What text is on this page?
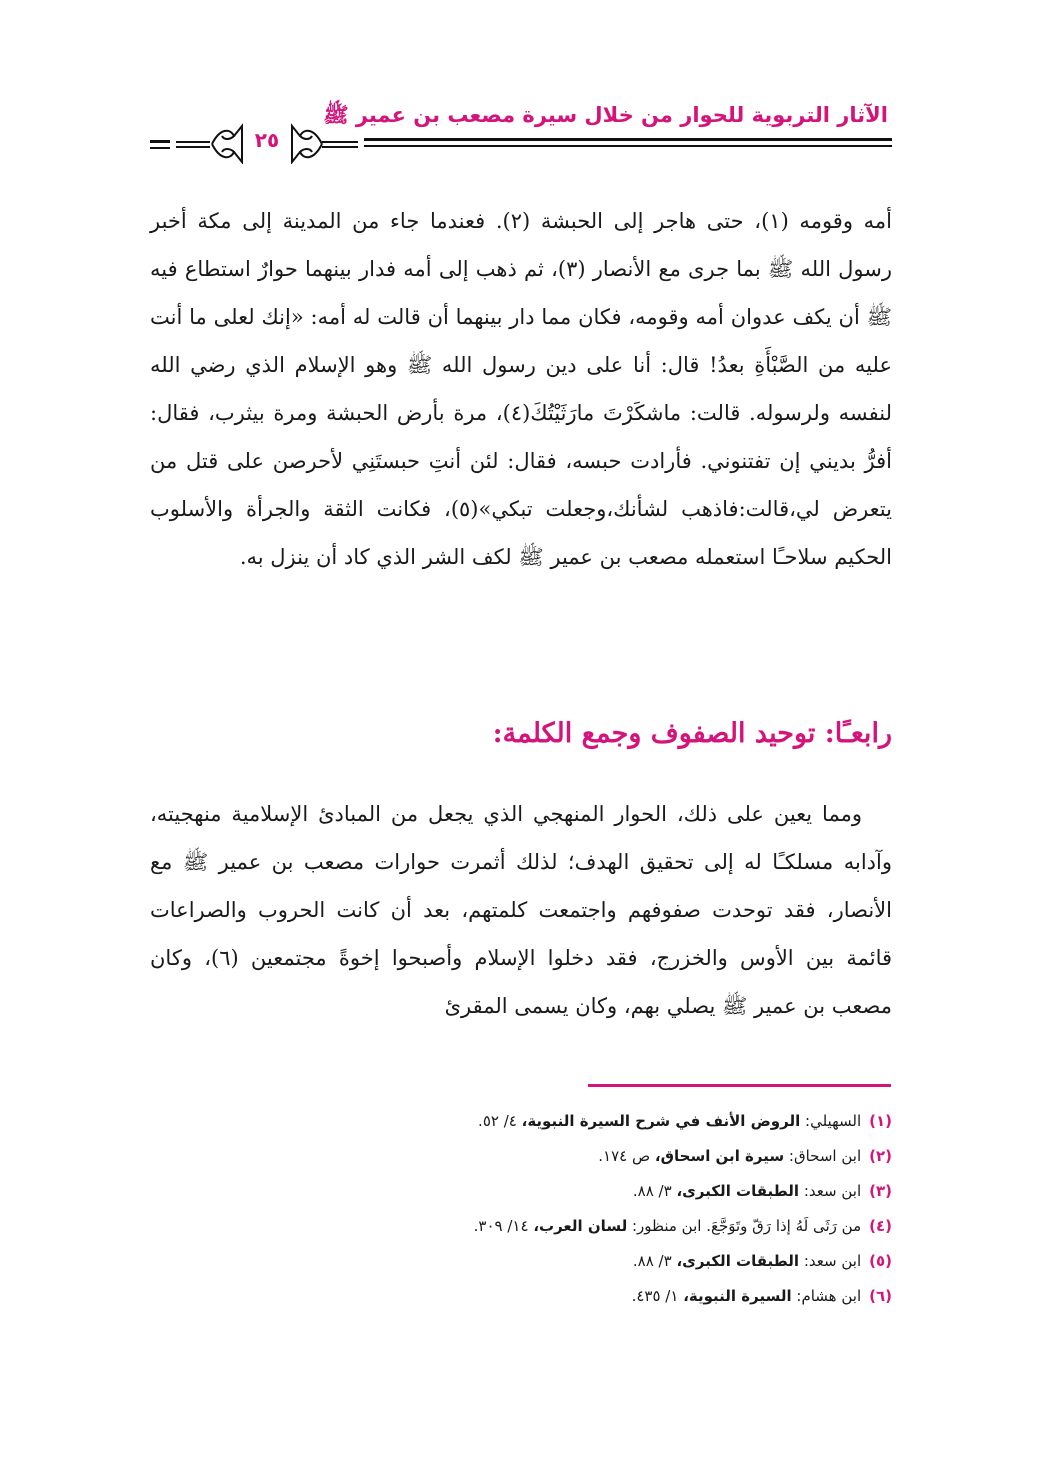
الآثار التربوية للحوار من خلال سيرة مصعب بن عمير ﷺ
٢٥

أمه وقومه (١)، حتى هاجر إلى الحبشة (٢). فعندما جاء من المدينة إلى مكة أخبر رسول الله ﷺ بما جرى مع الأنصار (٣)، ثم ذهب إلى أمه فدار بينهما حوارٌ استطاع فيه ﷺ أن يكف عدوان أمه وقومه، فكان مما دار بينهما أن قالت له أمه: «إنك لعلى ما أنت عليه من الصَّبْأَةِ بعدُ! قال: أنا على دين رسول الله ﷺ وهو الإسلام الذي رضي الله لنفسه ولرسوله. قالت: ماشكَرْتَ مارَثَيْتُكَ(٤)، مرة بأرض الحبشة ومرة بيثرب، فقال: أفرُّ بديني إن تفتنوني. فأرادت حبسه، فقال: لئن أنتِ حبستَنِي لأحرصن على قتل من يتعرض لي،قالت:فاذهب لشأنك،وجعلت تبكي»(٥)، فكانت الثقة والجرأة والأسلوب الحكيم سلاحـًا استعمله مصعب بن عمير ﷺ لكف الشر الذي كاد أن ينزل به.

رابعـًا: توحيد الصفوف وجمع الكلمة:

ومما يعين على ذلك، الحوار المنهجي الذي يجعل من المبادئ الإسلامية منهجيته، وآدابه مسلكـًا له إلى تحقيق الهدف؛ لذلك أثمرت حوارات مصعب بن عمير ﷺ مع الأنصار، فقد توحدت صفوفهم واجتمعت كلمتهم، بعد أن كانت الحروب والصراعات قائمة بين الأوس والخزرج، فقد دخلوا الإسلام وأصبحوا إخوةً مجتمعين (٦)، وكان مصعب بن عمير ﷺ يصلي بهم، وكان يسمى المقرئ

(١)السهيلي: الروض الأنف في شرح السيرة النبوية، ٤/ ٥٢.
(٢)ابن اسحاق: سيرة ابن اسحاق، ص ١٧٤.
(٣)ابن سعد: الطبقات الكبرى، ٣/ ٨٨.
(٤)من رَثَى لَهُ إذا رَقّ وتَوَجَّعَ. ابن منظور: لسان العرب، ١٤/ ٣٠٩.
(٥)ابن سعد: الطبقات الكبرى، ٣/ ٨٨.
(٦)ابن هشام: السيرة النبوية، ١/ ٤٣٥.
